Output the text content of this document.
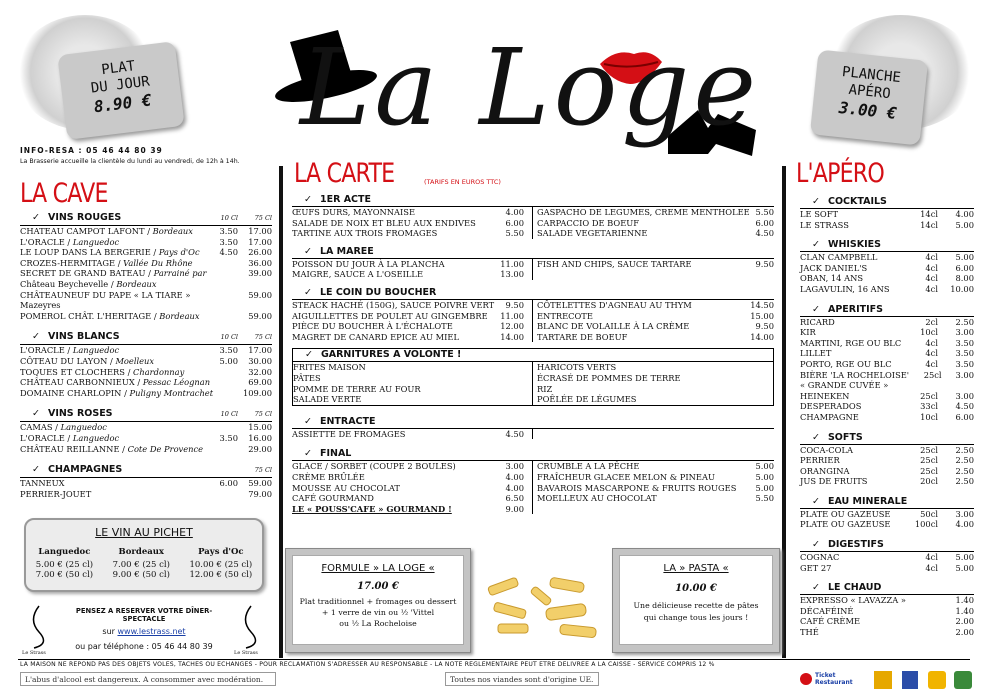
PLAT
DU JOUR
8.90 €
PLANCHE
APÉRO
3.00 €
La Loge
INFO-RESA : 05 46 44 80 39
La Brasserie accueille la clientèle du lundi au vendredi, de 12h à 14h.
LA CAVE
✓ VINS ROUGES	10 Cl	75 Cl
CHATEAU CAMPOT LAFONT / Bordeaux	3.50	17.00
L'ORACLE / Languedoc	3.50	17.00
LE LOUP DANS LA BERGERIE / Pays d'Oc	4.50	26.00
CROZES-HERMITAGE / Vallée Du Rhône	36.00
SECRET DE GRAND BATEAU / Parrainé par	39.00
Château Beychevelle / Bordeaux
CHÂTEAUNEUF DU PAPE « LA TIARE »	59.00
Mazeyres
POMEROL CHÂT. L'HERITAGE / Bordeaux	59.00
✓ VINS BLANCS	10 Cl	75 Cl
L'ORACLE / Languedoc	3.50	17.00
CÔTEAU DU LAYON / Moelleux	5.00	30.00
TOQUES ET CLOCHERS / Chardonnay	32.00
CHÂTEAU CARBONNIEUX / Pessac Léognan	69.00
DOMAINE CHARLOPIN / Puligny Montrachet	109.00
✓ VINS ROSES	10 Cl	75 Cl
CAMAS / Languedoc	15.00
L'ORACLE / Languedoc	3.50	16.00
CHÂTEAU REILLANNE / Cote De Provence	29.00
✓ CHAMPAGNES	75 Cl
TANNEUX	6.00	59.00
PERRIER-JOUET	79.00
LE VIN AU PICHET
Languedoc
5.00 € (25 cl)
7.00 € (50 cl)
Bordeaux
7.00 € (25 cl)
9.00 € (50 cl)
Pays d'Oc
10.00 € (25 cl)
12.00 € (50 cl)
Le Strass	Le Strass
PENSEZ A RESERVER VOTRE DÎNER-SPECTACLE
sur www.lestrass.net
ou par téléphone : 05 46 44 80 39
LA CARTE	(TARIFS EN EUROS TTC)
✓ 1ER ACTE
ŒUFS DURS, MAYONNAISE	4.00
SALADE DE NOIX ET BLEU AUX ENDIVES	6.00
TARTINE AUX TROIS FROMAGES	5.50
GASPACHO DE LEGUMES, CREME MENTHOLEE 5.50
CARPACCIO DE BOEUF	6.00
SALADE VEGETARIENNE	4.50
✓ LA MAREE
POISSON DU JOUR À LA PLANCHA	11.00
MAIGRE, SAUCE A L'OSEILLE	13.00
FISH AND CHIPS, SAUCE TARTARE	9.50
✓ LE COIN DU BOUCHER
STEACK HACHÉ (150G), SAUCE POIVRE VERT	9.50
AIGUILLETTES DE POULET AU GINGEMBRE	11.00
PIÈCE DU BOUCHER À L'ÉCHALOTE	12.00
MAGRET DE CANARD EPICE AU MIEL	14.00
CÔTELETTES D'AGNEAU AU THYM	14.50
ENTRECOTE	15.00
BLANC DE VOLAILLE À LA CRÈME	9.50
TARTARE DE BOEUF	14.00
✓ GARNITURES A VOLONTE !
FRITES MAISON
PÂTES
POMME DE TERRE AU FOUR
SALADE VERTE
HARICOTS VERTS
ÉCRASÉ DE POMMES DE TERRE
RIZ
POÊLÉE DE LÉGUMES
✓ ENTRACTE
ASSIETTE DE FROMAGES	4.50
✓ FINAL
GLACE / SORBET (COUPE 2 BOULES)	3.00
CRÈME BRÛLÉE	4.00
MOUSSE AU CHOCOLAT	4.00
CAFÉ GOURMAND	6.50
LE « POUSS'CAFE » GOURMAND !	9.00
CRUMBLE A LA PÊCHE	5.00
FRAÎCHEUR GLACEE MELON & PINEAU	5.00
BAVAROIS MASCARPONE & FRUITS ROUGES	5.00
MOELLEUX AU CHOCOLAT	5.50
FORMULE » LA LOGE «
17.00 €
Plat traditionnel + fromages ou dessert
+ 1 verre de vin ou ½ 'Vittel
ou ½ La Rocheloise
LA » PASTA «
10.00 €
Une délicieuse recette de pâtes
qui change tous les jours !
L'APÉRO
✓ COCKTAILS
LE SOFT	14cl	4.00
LE STRASS	14cl	5.00
✓ WHISKIES
CLAN CAMPBELL	4cl	5.00
JACK DANIEL'S	4cl	6.00
OBAN, 14 ANS	4cl	8.00
LAGAVULIN, 16 ANS	4cl	10.00
✓ APERITIFS
RICARD	2cl	2.50
KIR	10cl	3.00
MARTINI, RGE OU BLC	4cl	3.50
LILLET	4cl	3.50
PORTO, RGE OU BLC	4cl	3.50
BIÈRE 'LA ROCHELOISE'	25cl	3.00
« GRANDE CUVÉE »
HEINEKEN	25cl	3.00
DESPERADOS	33cl	4.50
CHAMPAGNE	10cl	6.00
✓ SOFTS
COCA-COLA	25cl	2.50
PERRIER	25cl	2.50
ORANGINA	25cl	2.50
JUS DE FRUITS	20cl	2.50
✓ EAU MINERALE
PLATE OU GAZEUSE	50cl	3.00
PLATE OU GAZEUSE	100cl	4.00
✓ DIGESTIFS
COGNAC	4cl	5.00
GET 27	4cl	5.00
✓ LE CHAUD
EXPRESSO « LAVAZZA »	1.40
DÉCAFÉINÉ	1.40
CAFÉ CRÈME	2.00
THÉ	2.00
LA MAISON NE REPOND PAS DES OBJETS VOLES, TACHES OU ECHANGES - POUR RECLAMATION S'ADRESSER AU RESPONSABLE - LA NOTE REGLEMENTAIRE PEUT ETRE DELIVREE A LA CAISSE - SERVICE COMPRIS 12 %
L'abus d'alcool est dangereux. A consommer avec modération.	Toutes nos viandes sont d'origine UE.	Ticket Restaurant
